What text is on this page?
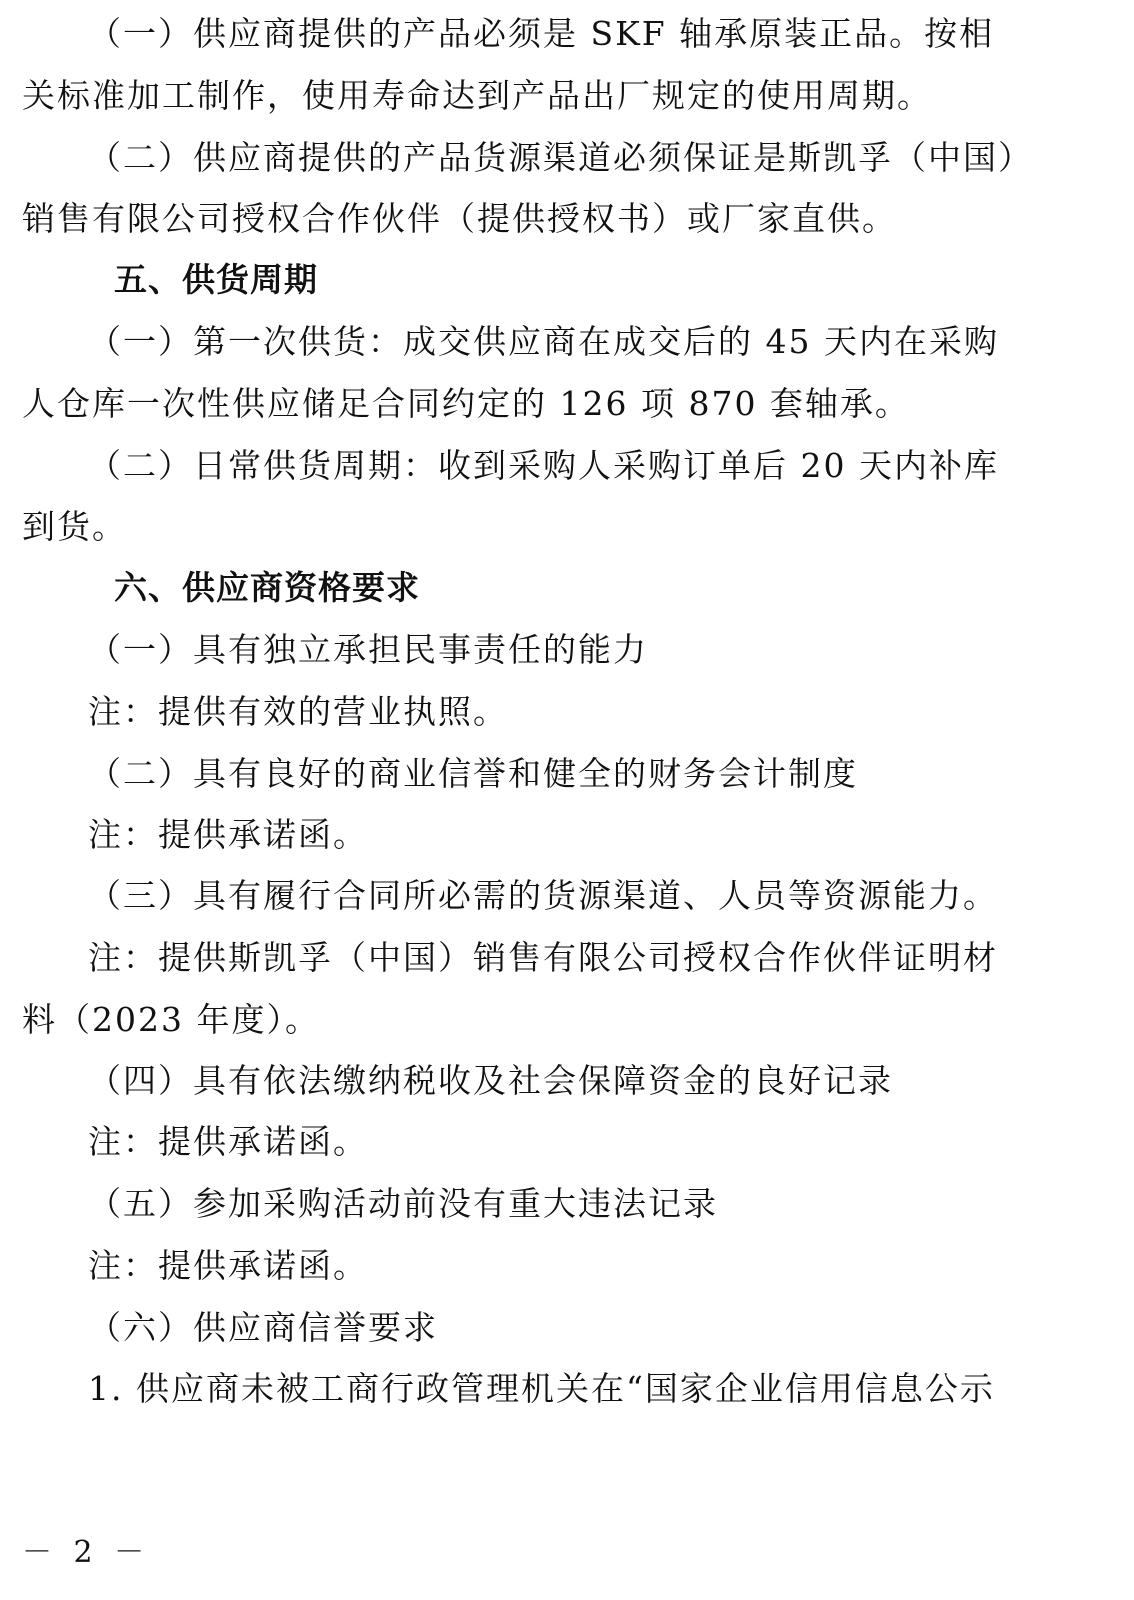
（一）供应商提供的产品必须是 SKF 轴承原装正品。按相
关标准加工制作，使用寿命达到产品出厂规定的使用周期。
（二）供应商提供的产品货源渠道必须保证是斯凯孚（中国）
销售有限公司授权合作伙伴（提供授权书）或厂家直供。
五、供货周期
（一）第一次供货：成交供应商在成交后的 45 天内在采购
人仓库一次性供应储足合同约定的 126 项 870 套轴承。
（二）日常供货周期：收到采购人采购订单后 20 天内补库
到货。
六、供应商资格要求
（一）具有独立承担民事责任的能力
注：提供有效的营业执照。
（二）具有良好的商业信誉和健全的财务会计制度
注：提供承诺函。
（三）具有履行合同所必需的货源渠道、人员等资源能力。
注：提供斯凯孚（中国）销售有限公司授权合作伙伴证明材
料（2023 年度）。
（四）具有依法缴纳税收及社会保障资金的良好记录
注：提供承诺函。
（五）参加采购活动前没有重大违法记录
注：提供承诺函。
（六）供应商信誉要求
1. 供应商未被工商行政管理机关在“国家企业信用信息公示
－ 2 －
